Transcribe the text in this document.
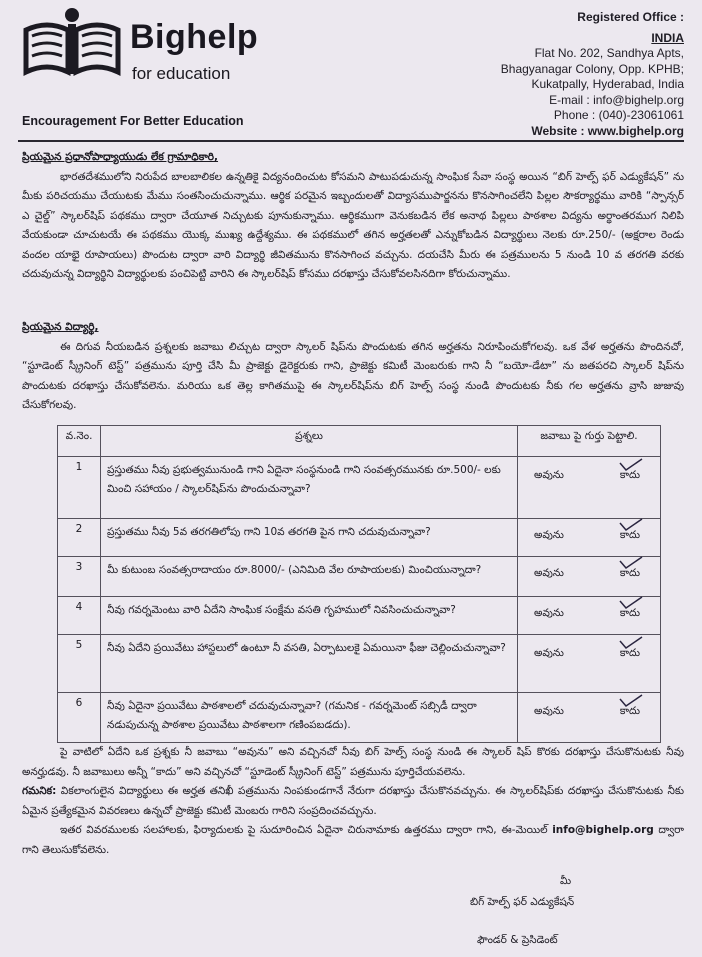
Bighelp
for education
Encouragement For Better Education
Registered Office :
INDIA
Flat No. 202, Sandhya Apts,
Bhagyanagar Colony, Opp. KPHB;
Kukatpally, Hyderabad, India
E-mail : info@bighelp.org
Phone : (040)-23061061
Website : www.bighelp.org
ప్రియమైన ప్రధానోపాధ్యాయుడు లేక గ్రామాధికారి,
భారతదేశములోని నిరుపేద బాలబాలికల ఉన్నతికై విద్యనందించుట కోసమని పాటుపడుచున్న సాంఘిక సేవా సంస్థ అయిన “బిగ్ హెల్ప్ ఫర్ ఎడ్యుకేషన్” ను మీకు పరిచయము చేయుటకు మేము సంతసించుచున్నాము. ఆర్థిక పరమైన ఇబ్బందులతో విద్యాసముపార్జనను కొనసాగించలేని పిల్లల సౌకర్యార్థము వారికి “స్పాన్సర్ ఎ చైల్డ్” స్కాలర్‌షిప్ పథకము ద్వారా చేయూత నిచ్చుటకు పూనుకున్నాము. ఆర్థికముగా వెనుకబడిన లేక అనాథ పిల్లలు పాఠశాల విద్యను అర్థాంతరముగ నిలిపి వేయకుండా చూచుటయే ఈ పథకము యొక్క ముఖ్య ఉద్దేశ్యము. ఈ పథకములో తగిన అర్హతలతో ఎన్నుకోబడిన విద్యార్థులు నెలకు రూ.250/- (అక్షరాల రెండు వందల యాభై రూపాయలు) పొందుట ద్వారా వారి విద్యార్థి జీవితమును కొనసాగించ వచ్చును. దయచేసి మీరు ఈ పత్రములను 5 నుండి 10 వ తరగతి వరకు చదువుచున్న విద్యార్థిని విద్యార్థులకు పంచిపెట్టి వారిని ఈ స్కాలర్‌షిప్ కోసము దరఖాస్తు చేసుకోవలసినదిగా కోరుచున్నాము.
ప్రియమైన విద్యార్థి,
ఈ దిగువ నీయబడిన ప్రశ్నలకు జవాబు లిచ్చుట ద్వారా స్కాలర్ షిప్‌ను పొందుటకు తగిన అర్హతను నిరూపించుకోగలవు. ఒక వేళ అర్హతను పొందినచో, “స్టూడెంట్ స్క్రీనింగ్ టెస్ట్” పత్రమును పూర్తి చేసి మీ ప్రాజెక్టు డైరెక్టరుకు గాని, ప్రాజెక్టు కమిటీ మెంబరుకు గాని నీ “బయో-డేటా” ను జతపరచి స్కాలర్ షిప్‌ను పొందుటకు దరఖాస్తు చేసుకోవలెను. మరియు ఒక తెల్ల కాగితముపై ఈ స్కాలర్‌షిప్‌ను బిగ్ హెల్ప్ సంస్థ నుండి పొందుటకు నీకు గల అర్హతను వ్రాసి జుజువు చేసుకోగలవు.
వ.నెం.	ప్రశ్నలు	జవాబు పై గుర్తు పెట్టాలి.
1	ప్రస్తుతము నీవు ప్రభుత్వమునుండి గాని ఏదైనా సంస్థనుండి గాని సంవత్సరమునకు రూ.500/- లకు మించి సహాయం / స్కాలర్‌షిప్‌ను పొందుచున్నావా?	అవును కాదు

2	ప్రస్తుతము నీవు 5వ తరగతిలోపు గాని 10వ తరగతి పైన గాని చదువుచున్నావా?	అవును కాదు

3	మీ కుటుంబ సంవత్సరాదాయం రూ.8000/- (ఎనిమిది వేల రూపాయలకు) మించియున్నాదా?	అవును కాదు

4	నీవు గవర్నమెంటు వారి ఏదేని సాంఘిక సంక్షేమ వసతి గృహములో నివసించుచున్నావా?	అవును కాదు

5	నీవు ఏదేని ప్రయివేటు హాస్టలులో ఉంటూ నీ వసతి, ఏర్పాటులకై ఏమయినా ఫీజు చెల్లించుచున్నావా?	అవును కాదు

6	నీవు ఏదైనా ప్రయివేటు పాఠశాలలో చదువుచున్నావా? (గమనిక - గవర్నమెంట్ సబ్సిడీ ద్వారా నడుపుచున్న పాఠశాల ప్రయివేటు పాఠశాలగా గణింపబడదు).	అవును కాదు
పై వాటిలో ఏదేని ఒక ప్రశ్నకు నీ జవాబు “అవును” అని వచ్చినచో నీవు బిగ్ హెల్ప్ సంస్థ నుండి ఈ స్కాలర్ షిప్ కొరకు దరఖాస్తు చేసుకొనుటకు నీవు అనర్హుడవు. నీ జవాబులు అన్నీ “కాదు” అని వచ్చినచో “స్టూడెంట్ స్క్రీనింగ్ టెస్ట్” పత్రమును పూర్తిచేయవలెను.
గమనిక: వికలాంగులైన విద్యార్థులు ఈ అర్హత తనిఖీ పత్రమును నింపకుండగానే నేరుగా దరఖాస్తు చేసుకొనవచ్చును. ఈ స్కాలర్‌షిప్‌కు దరఖాస్తు చేసుకొనుటకు నీకు ఏమైన ప్రత్యేకమైన వివరణలు ఉన్నచో ప్రాజెక్టు కమిటీ మెంబరు గారిని సంప్రదించవచ్చును.
ఇతర వివరములకు సలహాలకు, ఫిర్యాదులకు పై సుదూరించిన ఏదైనా చిరునామాకు ఉత్తరము ద్వారా గాని, ఈ-మెయిల్ info@bighelp.org ద్వారా గాని తెలుసుకోవలెను.
మీ
బిగ్ హెల్ప్ ఫర్ ఎడ్యుకేషన్
ఫౌండర్ & ప్రెసిడెంట్
